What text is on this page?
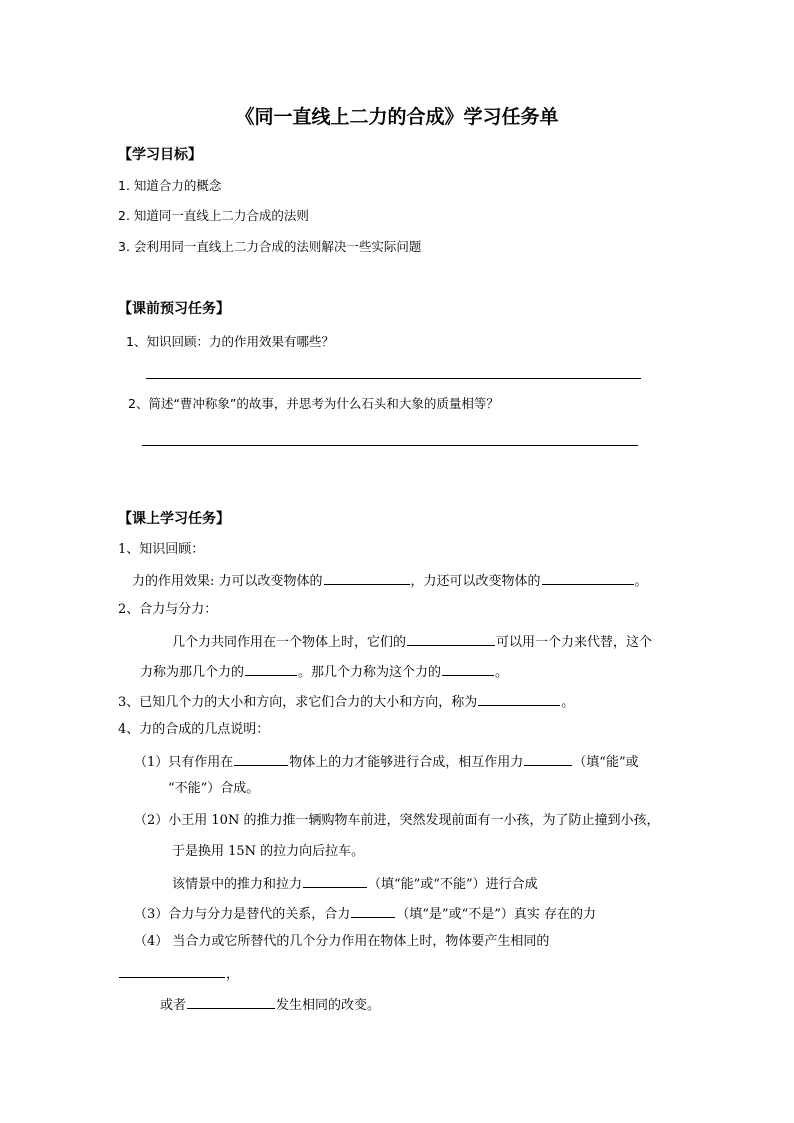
《同一直线上二力的合成》学习任务单
【学习目标】
1. 知道合力的概念
2. 知道同一直线上二力合成的法则
3. 会利用同一直线上二力合成的法则解决一些实际问题
【课前预习任务】
1、知识回顾：力的作用效果有哪些？
2、简述“曹冲称象”的故事，并思考为什么石头和大象的质量相等？
【课上学习任务】
1、知识回顾：
力的作用效果: 力可以改变物体的	，力还可以改变物体的	。
2、合力与分力：
几个力共同作用在一个物体上时，它们的	可以用一个力来代替，这个
力称为那几个力的	。那几个力称为这个力的	。
3、已知几个力的大小和方向，求它们合力的大小和方向，称为	。
4、力的合成的几点说明：
（1）只有作用在	物体上的力才能够进行合成，相互作用力	（填“能”或
“不能”）合成。
（2）小王用 10N 的推力推一辆购物车前进，突然发现前面有一小孩，为了防止撞到小孩，
于是换用 15N 的拉力向后拉车。
该情景中的推力和拉力	（填“能”或“不能”）进行合成
（3）合力与分力是替代的关系，合力	（填“是”或“不是”）真实 存在的力
（4） 当合力或它所替代的几个分力作用在物体上时，物体要产生相同的
，
或者	发生相同的改变。
